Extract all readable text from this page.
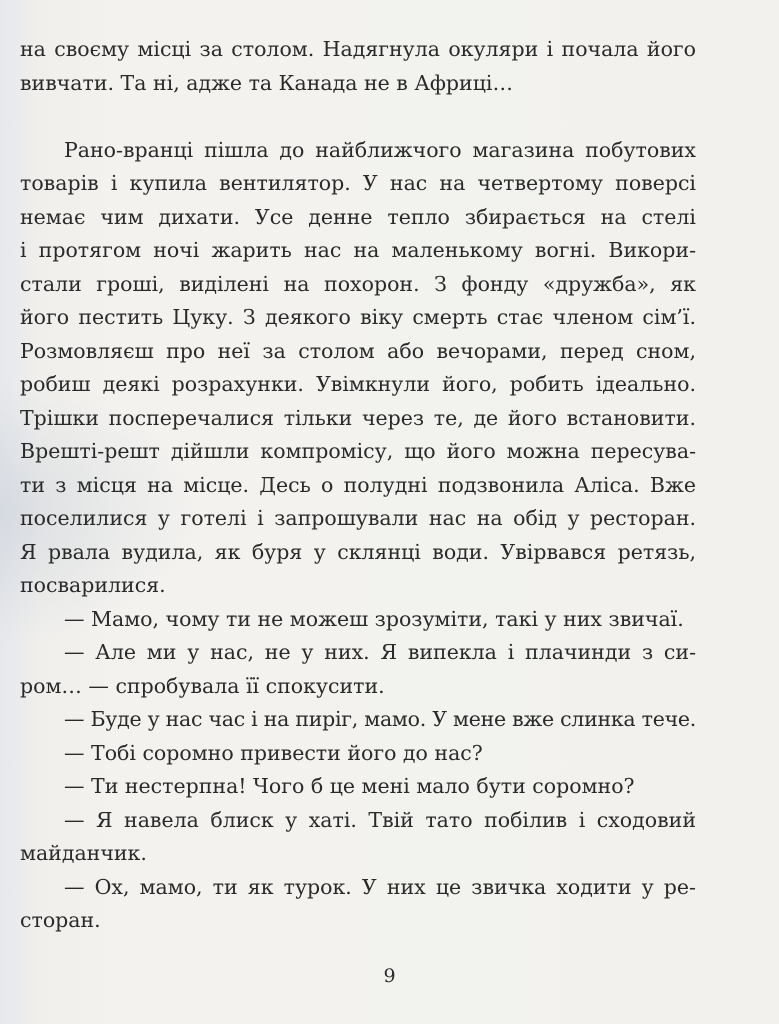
на своєму місці за столом. Надягнула окуляри і почала його
вивчати. Та ні, адже та Канада не в Африці…
Рано-вранці пішла до найближчого магазина побутових
товарів і купила вентилятор. У нас на четвертому поверсі
немає чим дихати. Усе денне тепло збирається на стелі
і протягом ночі жарить нас на маленькому вогні. Викори-
стали гроші, виділені на похорон. З фонду «дружба», як
його пестить Цуку. З деякого віку смерть стає членом сім’ї.
Розмовляєш про неї за столом або вечорами, перед сном,
робиш деякі розрахунки. Увімкнули його, робить ідеально.
Трішки посперечалися тільки через те, де його встановити.
Врешті-решт дійшли компромісу, що його можна пересува-
ти з місця на місце. Десь о полудні подзвонила Аліса. Вже
поселилися у готелі і запрошували нас на обід у ресторан.
Я рвала вудила, як буря у склянці води. Увірвався ретязь,
посварилися.
— Мамо, чому ти не можеш зрозуміти, такі у них звичаї.
— Але ми у нас, не у них. Я випекла і плачинди з си-
ром… — спробувала її спокусити.
— Буде у нас час і на пиріг, мамо. У мене вже слинка тече.
— Тобі соромно привести його до нас?
— Ти нестерпна! Чого б це мені мало бути соромно?
— Я навела блиск у хаті. Твій тато побілив і сходовий
майданчик.
— Ох, мамо, ти як турок. У них це звичка ходити у ре-
сторан.
9
